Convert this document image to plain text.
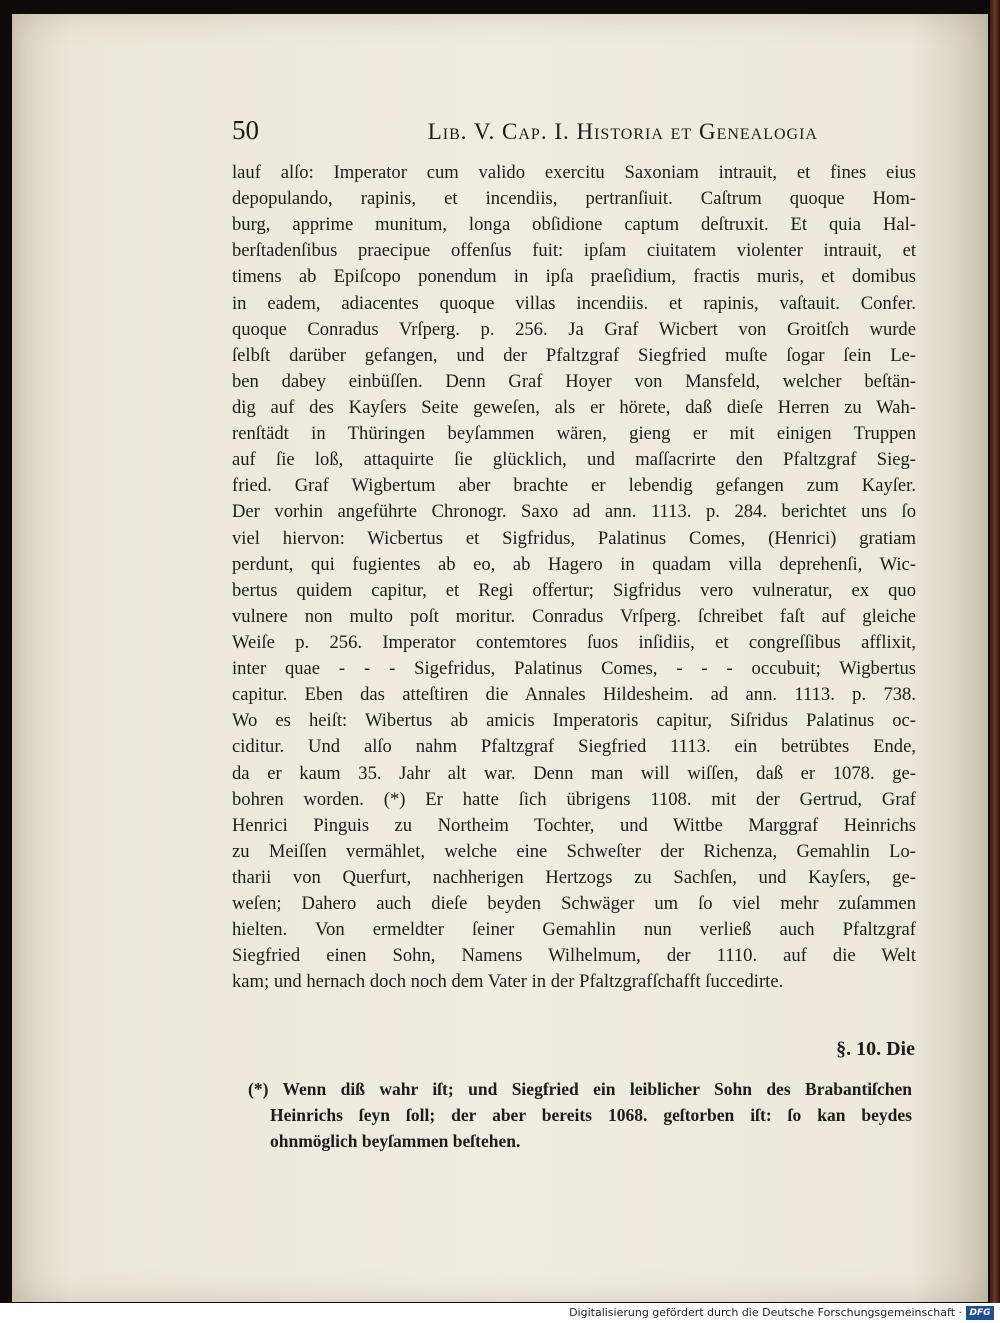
50	Lib. V. Cap. I. Historia et Genealogia
lauf alſo: Imperator cum valido exercitu Saxoniam intrauit, et fines eius
depopulando, rapinis, et incendiis, pertranſiuit. Caſtrum quoque Hom-
burg, apprime munitum, longa obſidione captum deſtruxit. Et quia Hal-
berſtadenſibus praecipue offenſus fuit: ipſam ciuitatem violenter intrauit, et
timens ab Epiſcopo ponendum in ipſa praeſidium, fractis muris, et domibus
in eadem, adiacentes quoque villas incendiis. et rapinis, vaſtauit. Confer.
quoque Conradus Vrſperg. p. 256. Ja Graf Wicbert von Groitſch wurde
ſelbſt darüber gefangen, und der Pfaltzgraf Siegfried muſte ſogar ſein Le-
ben dabey einbüſſen. Denn Graf Hoyer von Mansfeld, welcher beſtän-
dig auf des Kayſers Seite geweſen, als er hörete, daß dieſe Herren zu Wah-
renſtädt in Thüringen beyſammen wären, gieng er mit einigen Truppen
auf ſie loß, attaquirte ſie glücklich, und maſſacrirte den Pfaltzgraf Sieg-
fried. Graf Wigbertum aber brachte er lebendig gefangen zum Kayſer.
Der vorhin angeführte Chronogr. Saxo ad ann. 1113. p. 284. berichtet uns ſo
viel hiervon: Wicbertus et Sigfridus, Palatinus Comes, (Henrici) gratiam
perdunt, qui fugientes ab eo, ab Hagero in quadam villa deprehenſi, Wic-
bertus quidem capitur, et Regi offertur; Sigfridus vero vulneratur, ex quo
vulnere non multo poſt moritur. Conradus Vrſperg. ſchreibet faſt auf gleiche
Weiſe p. 256. Imperator contemtores ſuos inſidiis, et congreſſibus afflixit,
inter quae - - - Sigefridus, Palatinus Comes, - - - occubuit; Wigbertus
capitur. Eben das atteſtiren die Annales Hildesheim. ad ann. 1113. p. 738.
Wo es heiſt: Wibertus ab amicis Imperatoris capitur, Siſridus Palatinus oc-
ciditur. Und alſo nahm Pfaltzgraf Siegfried 1113. ein betrübtes Ende,
da er kaum 35. Jahr alt war. Denn man will wiſſen, daß er 1078. ge-
bohren worden. (*) Er hatte ſich übrigens 1108. mit der Gertrud, Graf
Henrici Pinguis zu Northeim Tochter, und Wittbe Marggraf Heinrichs
zu Meiſſen vermählet, welche eine Schweſter der Richenza, Gemahlin Lo-
tharii von Querfurt, nachherigen Hertzogs zu Sachſen, und Kayſers, ge-
weſen; Dahero auch dieſe beyden Schwäger um ſo viel mehr zuſammen
hielten. Von ermeldter ſeiner Gemahlin nun verließ auch Pfaltzgraf
Siegfried einen Sohn, Namens Wilhelmum, der 1110. auf die Welt
kam; und hernach doch noch dem Vater in der Pfaltzgrafſchafft ſuccedirte.
§. 10. Die
(*) Wenn diß wahr iſt; und Siegfried ein leiblicher Sohn des Brabantiſchen
Heinrichs ſeyn ſoll; der aber bereits 1068. geſtorben iſt: ſo kan beydes
ohnmöglich beyſammen beſtehen.
Digitalisierung gefördert durch die Deutsche Forschungsgemeinschaft · DFG
